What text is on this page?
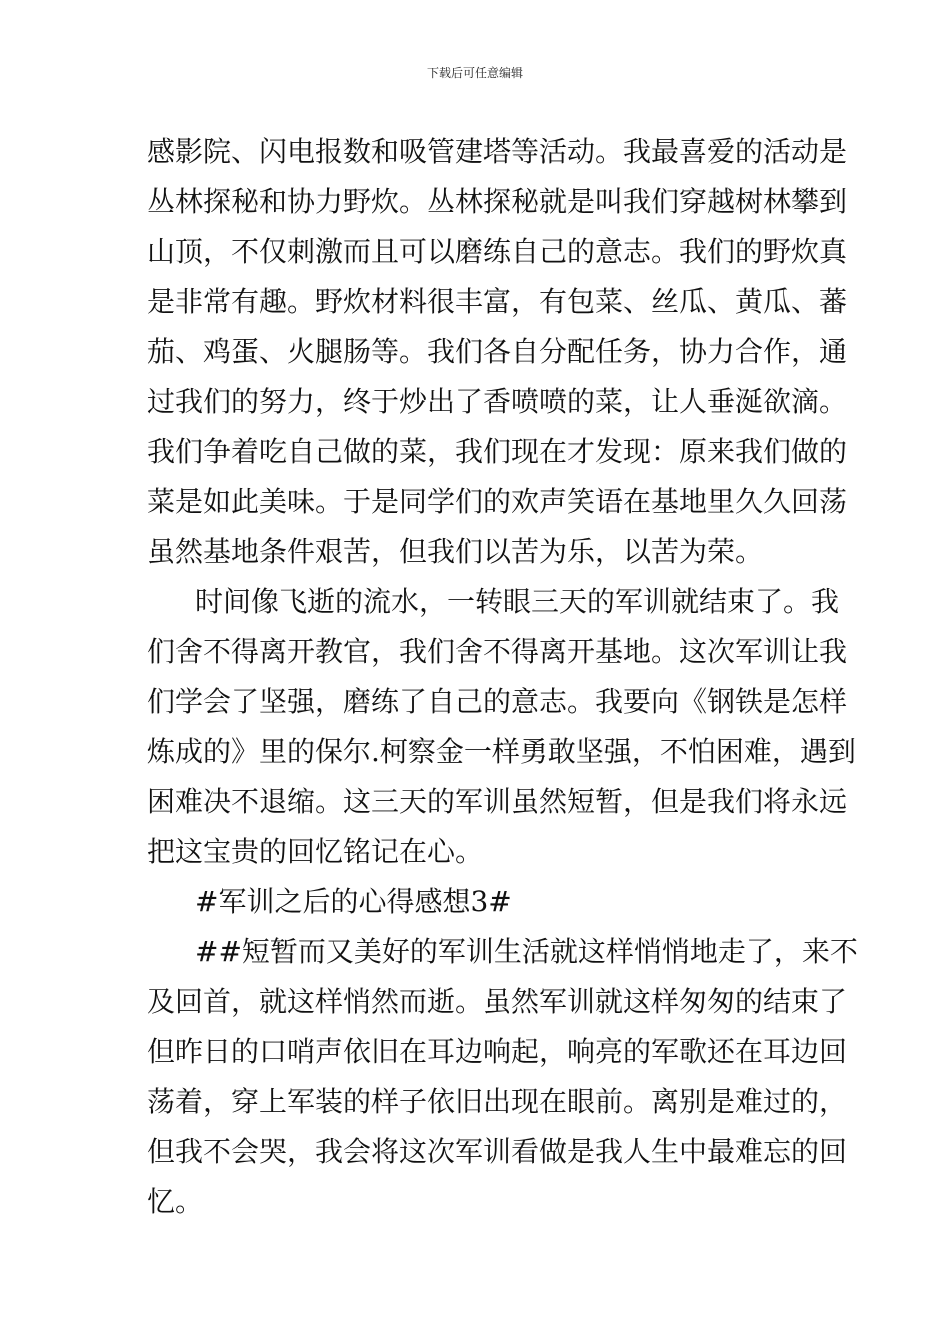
下载后可任意编辑
感影院、闪电报数和吸管建塔等活动。我最喜爱的活动是
丛林探秘和协力野炊。丛林探秘就是叫我们穿越树林攀到
山顶，不仅刺激而且可以磨练自己的意志。我们的野炊真
是非常有趣。野炊材料很丰富，有包菜、丝瓜、黄瓜、蕃
茄、鸡蛋、火腿肠等。我们各自分配任务，协力合作，通
过我们的努力，终于炒出了香喷喷的菜，让人垂涎欲滴。
我们争着吃自己做的菜，我们现在才发现：原来我们做的
菜是如此美味。于是同学们的欢声笑语在基地里久久回荡
虽然基地条件艰苦，但我们以苦为乐，以苦为荣。
时间像飞逝的流水，一转眼三天的军训就结束了。我
们舍不得离开教官，我们舍不得离开基地。这次军训让我
们学会了坚强，磨练了自己的意志。我要向《钢铁是怎样
炼成的》里的保尔.柯察金一样勇敢坚强，不怕困难，遇到
困难决不退缩。这三天的军训虽然短暂，但是我们将永远
把这宝贵的回忆铭记在心。
#军训之后的心得感想3#
##短暂而又美好的军训生活就这样悄悄地走了，来不
及回首，就这样悄然而逝。虽然军训就这样匆匆的结束了
但昨日的口哨声依旧在耳边响起，响亮的军歌还在耳边回
荡着，穿上军装的样子依旧出现在眼前。离别是难过的，
但我不会哭，我会将这次军训看做是我人生中最难忘的回
忆。
